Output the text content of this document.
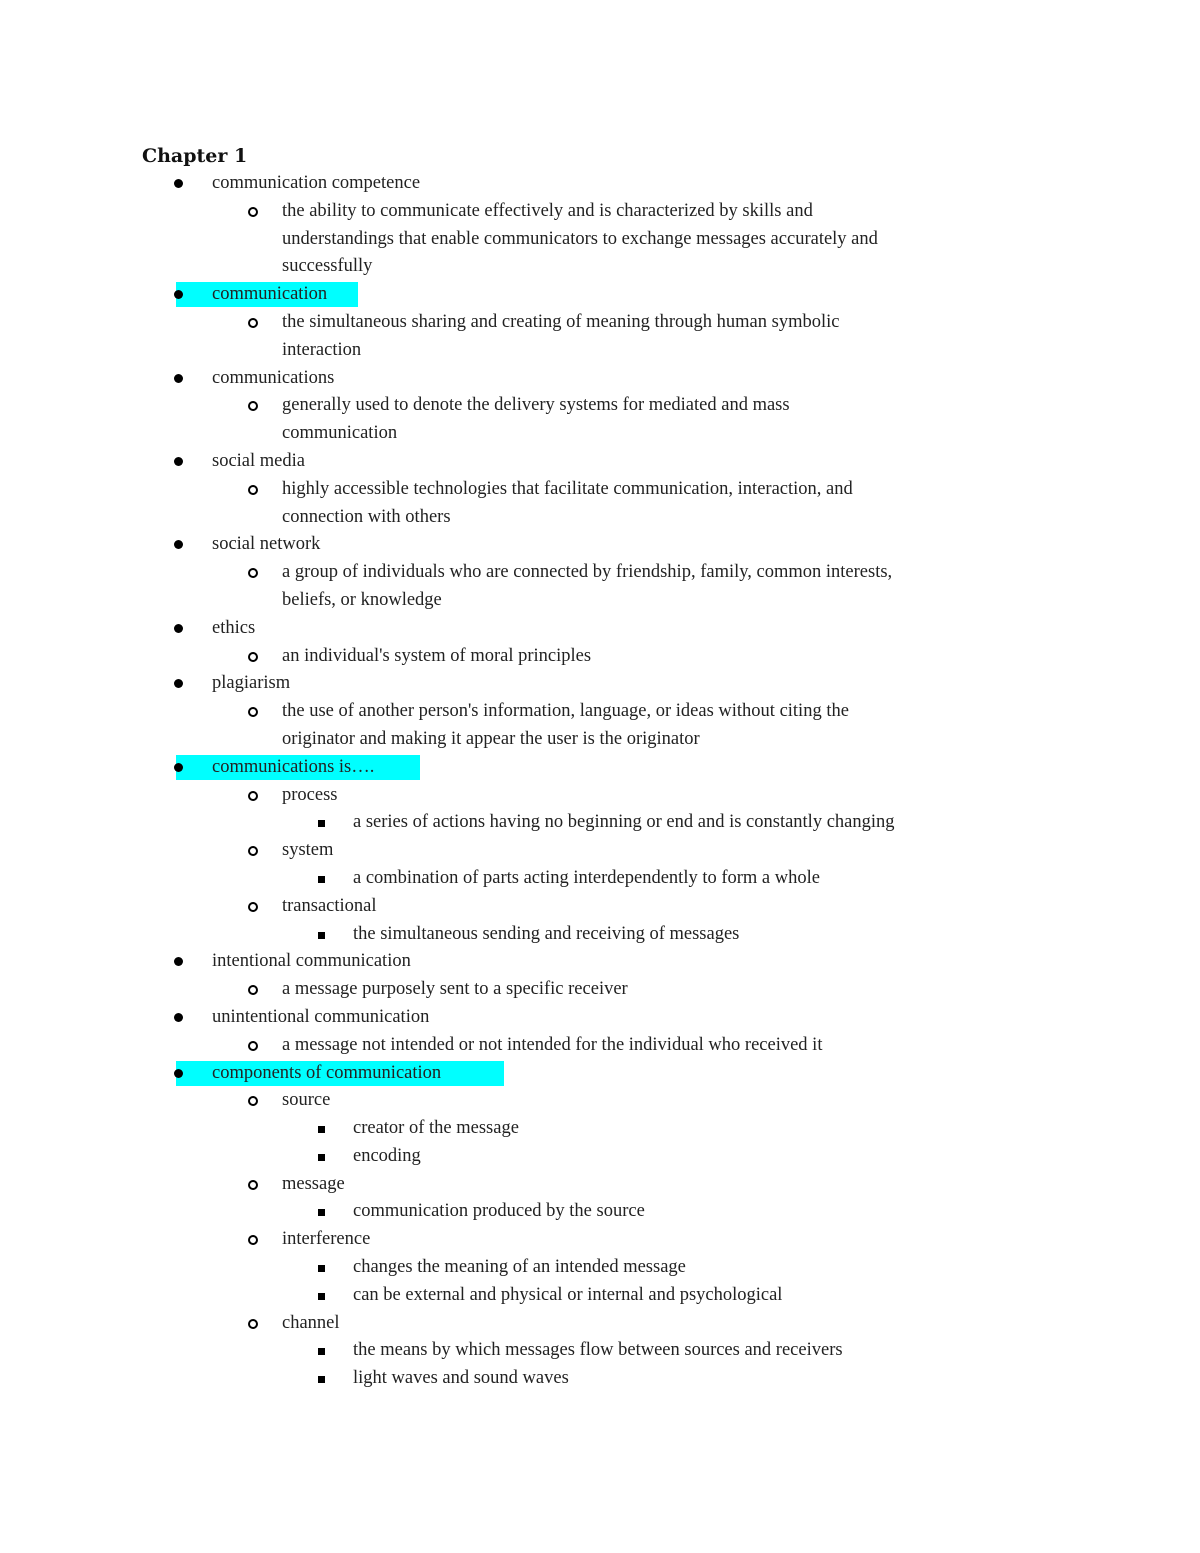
Chapter 1
communication competence
the ability to communicate effectively and is characterized by skills and
understandings that enable communicators to exchange messages accurately and
successfully
communication
the simultaneous sharing and creating of meaning through human symbolic
interaction
communications
generally used to denote the delivery systems for mediated and mass
communication
social media
highly accessible technologies that facilitate communication, interaction, and
connection with others
social network
a group of individuals who are connected by friendship, family, common interests,
beliefs, or knowledge
ethics
an individual's system of moral principles
plagiarism
the use of another person's information, language, or ideas without citing the
originator and making it appear the user is the originator
communications is….
process
a series of actions having no beginning or end and is constantly changing
system
a combination of parts acting interdependently to form a whole
transactional
the simultaneous sending and receiving of messages
intentional communication
a message purposely sent to a specific receiver
unintentional communication
a message not intended or not intended for the individual who received it
components of communication
source
creator of the message
encoding
message
communication produced by the source
interference
changes the meaning of an intended message
can be external and physical or internal and psychological
channel
the means by which messages flow between sources and receivers
light waves and sound waves
